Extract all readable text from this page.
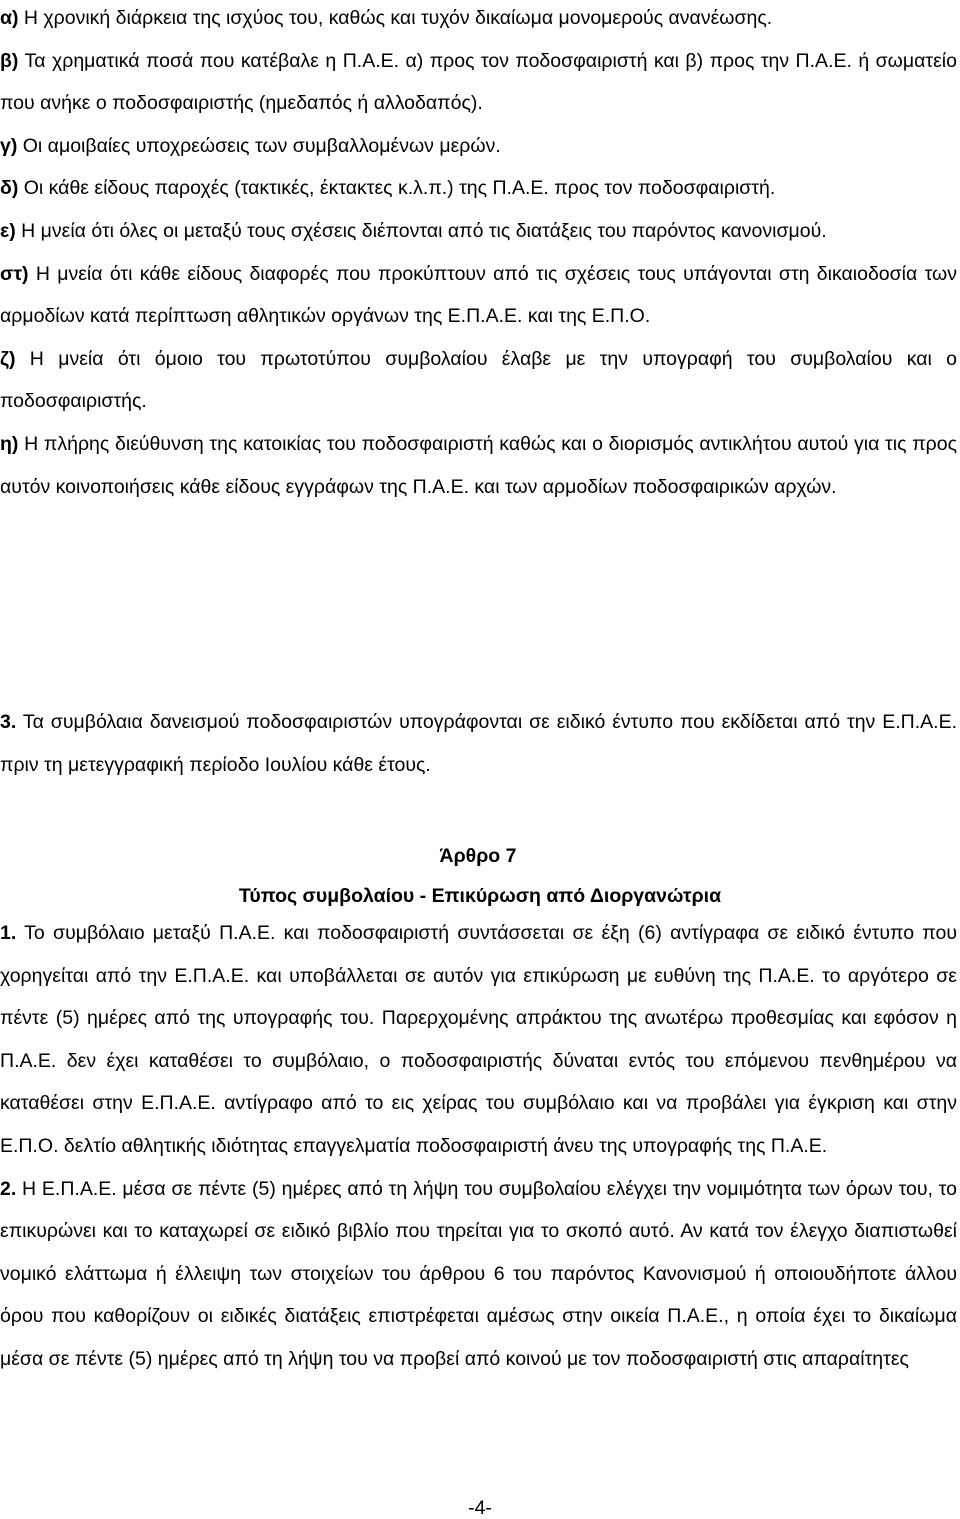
α) Η χρονική διάρκεια της ισχύος του, καθώς και τυχόν δικαίωμα μονομερούς ανανέωσης.

β) Τα χρηματικά ποσά που κατέβαλε η Π.Α.Ε. α) προς τον ποδοσφαιριστή και β) προς την Π.Α.Ε. ή σωματείο που ανήκε ο ποδοσφαιριστής (ημεδαπός ή αλλοδαπός).

γ) Οι αμοιβαίες υποχρεώσεις των συμβαλλομένων μερών.

δ) Οι κάθε είδους παροχές (τακτικές, έκτακτες κ.λ.π.) της Π.Α.Ε. προς τον ποδοσφαιριστή.

ε) Η μνεία ότι όλες οι μεταξύ τους σχέσεις διέπονται από τις διατάξεις του παρόντος κανονισμού.

στ) Η μνεία ότι κάθε είδους διαφορές που προκύπτουν από τις σχέσεις τους υπάγονται στη δικαιοδοσία των αρμοδίων κατά περίπτωση αθλητικών οργάνων της Ε.Π.Α.Ε. και της Ε.Π.Ο.

ζ) Η μνεία ότι όμοιο του πρωτοτύπου συμβολαίου έλαβε με την υπογραφή του συμβολαίου και ο ποδοσφαιριστής.

η) Η πλήρης διεύθυνση της κατοικίας του ποδοσφαιριστή καθώς και ο διορισμός αντικλήτου αυτού για τις προς αυτόν κοινοποιήσεις κάθε είδους εγγράφων της Π.Α.Ε. και των αρμοδίων ποδοσφαιρικών αρχών.

3. Τα συμβόλαια δανεισμού ποδοσφαιριστών υπογράφονται σε ειδικό έντυπο που εκδίδεται από την Ε.Π.Α.Ε. πριν τη μετεγγραφική περίοδο Ιουλίου κάθε έτους.

Άρθρο 7
Τύπος συμβολαίου - Επικύρωση από Διοργανώτρια

1. Το συμβόλαιο μεταξύ Π.Α.Ε. και ποδοσφαιριστή συντάσσεται σε έξη (6) αντίγραφα σε ειδικό έντυπο που χορηγείται από την Ε.Π.Α.Ε. και υποβάλλεται σε αυτόν για επικύρωση με ευθύνη της Π.Α.Ε. το αργότερο σε πέντε (5) ημέρες από της υπογραφής του. Παρερχομένης απράκτου της ανωτέρω προθεσμίας και εφόσον η Π.Α.Ε. δεν έχει καταθέσει το συμβόλαιο, ο ποδοσφαιριστής δύναται εντός του επόμενου πενθημέρου να καταθέσει στην Ε.Π.Α.Ε. αντίγραφο από το εις χείρας του συμβόλαιο και να προβάλει για έγκριση και στην Ε.Π.Ο. δελτίο αθλητικής ιδιότητας επαγγελματία ποδοσφαιριστή άνευ της υπογραφής της Π.Α.Ε.

2. Η Ε.Π.Α.Ε. μέσα σε πέντε (5) ημέρες από τη λήψη του συμβολαίου ελέγχει την νομιμότητα των όρων του, το επικυρώνει και το καταχωρεί σε ειδικό βιβλίο που τηρείται για το σκοπό αυτό. Αν κατά τον έλεγχο διαπιστωθεί νομικό ελάττωμα ή έλλειψη των στοιχείων του άρθρου 6 του παρόντος Κανονισμού ή οποιουδήποτε άλλου όρου που καθορίζουν οι ειδικές διατάξεις επιστρέφεται αμέσως στην οικεία Π.Α.Ε., η οποία έχει το δικαίωμα μέσα σε πέντε (5) ημέρες από τη λήψη του να προβεί από κοινού με τον ποδοσφαιριστή στις απαραίτητες

-4-
